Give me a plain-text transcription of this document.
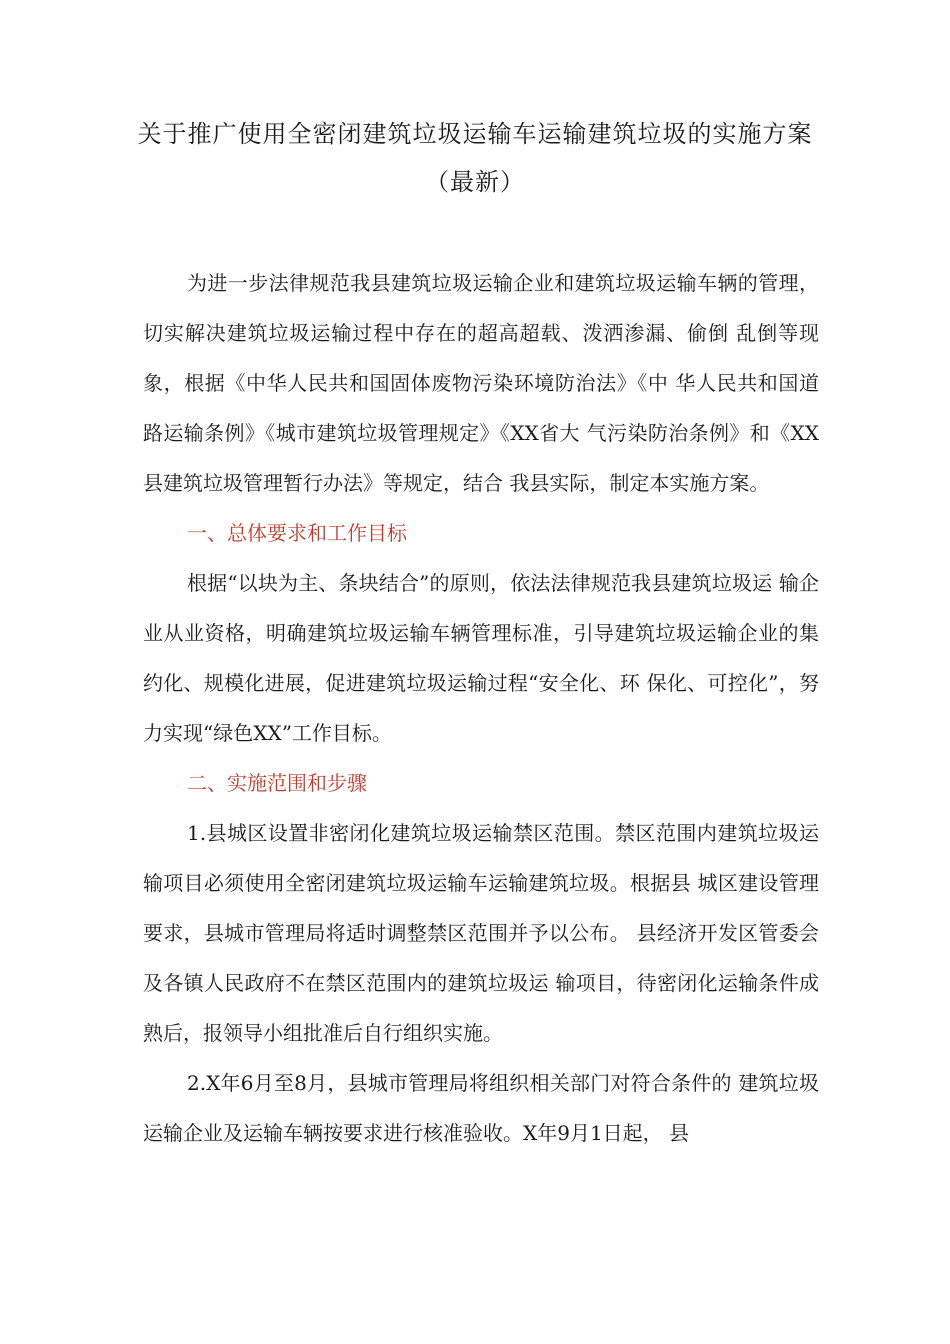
关于推广使用全密闭建筑垃圾运输车运输建筑垃圾的实施方案
（最新）

为进一步法律规范我县建筑垃圾运输企业和建筑垃圾运输车辆的管理，切实解决建筑垃圾运输过程中存在的超高超载、泼洒渗漏、偷倒 乱倒等现象，根据《中华人民共和国固体废物污染环境防治法》《中 华人民共和国道路运输条例》《城市建筑垃圾管理规定》《XX省大 气污染防治条例》和《XX县建筑垃圾管理暂行办法》等规定，结合 我县实际，制定本实施方案。

一、总体要求和工作目标

根据“以块为主、条块结合”的原则，依法法律规范我县建筑垃圾运 输企业从业资格，明确建筑垃圾运输车辆管理标准，引导建筑垃圾运输企业的集约化、规模化进展，促进建筑垃圾运输过程“安全化、环 保化、可控化”，努力实现“绿色XX”工作目标。

二、实施范围和步骤

1.县城区设置非密闭化建筑垃圾运输禁区范围。禁区范围内建筑垃圾运输项目必须使用全密闭建筑垃圾运输车运输建筑垃圾。根据县 城区建设管理要求，县城市管理局将适时调整禁区范围并予以公布。 县经济开发区管委会及各镇人民政府不在禁区范围内的建筑垃圾运 输项目，待密闭化运输条件成熟后，报领导小组批准后自行组织实施。

2.X年6月至8月，县城市管理局将组织相关部门对符合条件的 建筑垃圾运输企业及运输车辆按要求进行核准验收。X年9月1日起， 县
